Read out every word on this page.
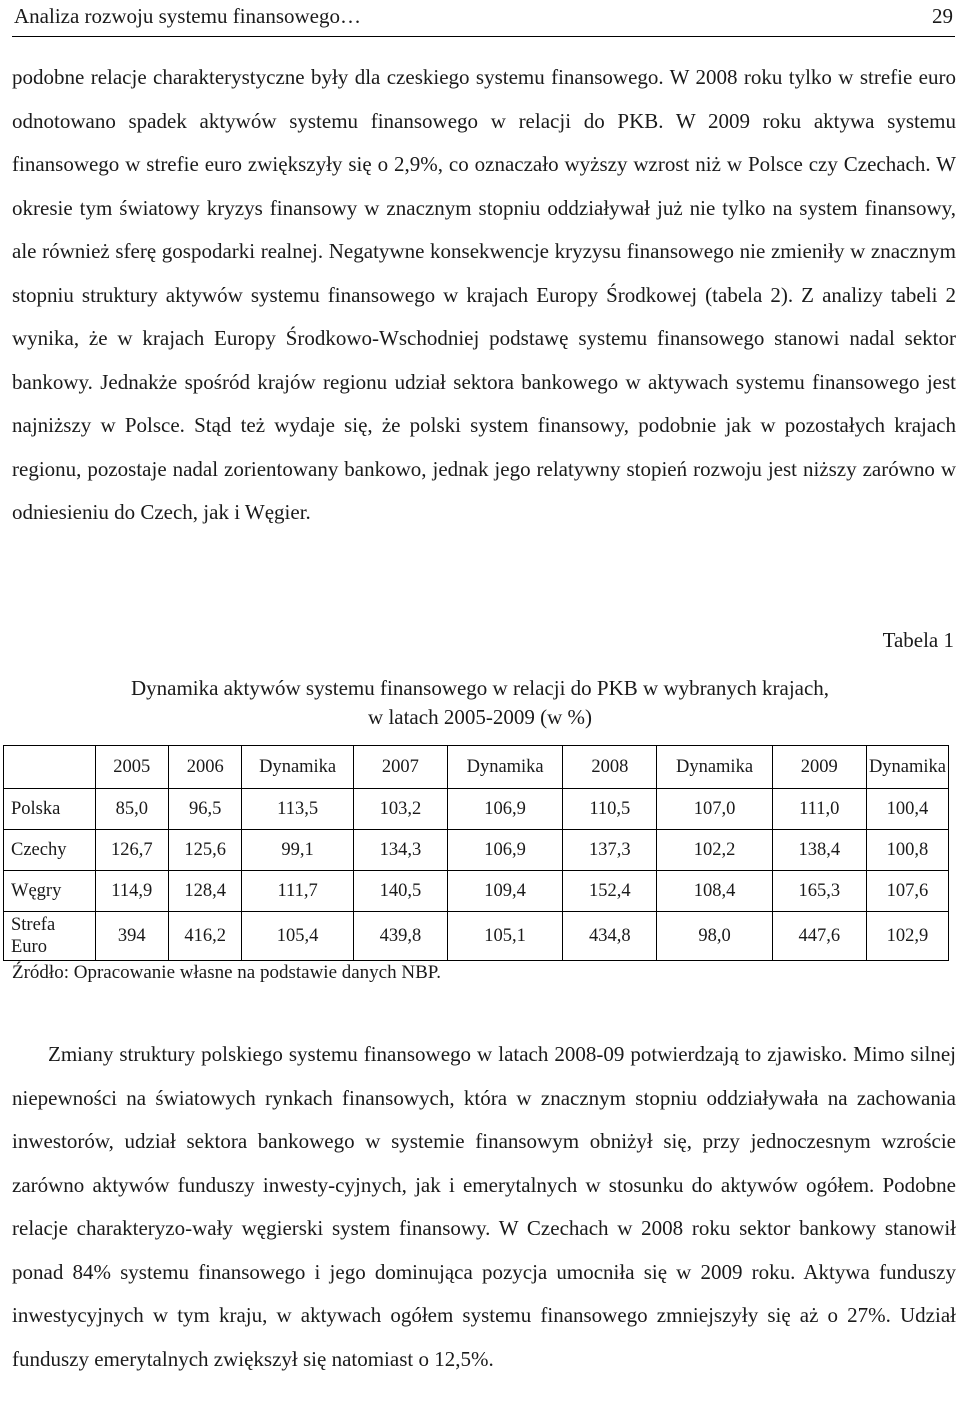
Analiza rozwoju systemu finansowego…	29

podobne relacje charakterystyczne były dla czeskiego systemu finansowego. W 2008 roku tylko w strefie euro odnotowano spadek aktywów systemu finansowego w relacji do PKB. W 2009 roku aktywa systemu finansowego w strefie euro zwiększyły się o 2,9%, co oznaczało wyższy wzrost niż w Polsce czy Czechach. W okresie tym światowy kryzys finansowy w znacznym stopniu oddziaływał już nie tylko na system finansowy, ale również sferę gospodarki realnej. Negatywne konsekwencje kryzysu finansowego nie zmieniły w znacznym stopniu struktury aktywów systemu finansowego w krajach Europy Środkowej (tabela 2). Z analizy tabeli 2 wynika, że w krajach Europy Środkowo-Wschodniej podstawę systemu finansowego stanowi nadal sektor bankowy. Jednakże spośród krajów regionu udział sektora bankowego w aktywach systemu finansowego jest najniższy w Polsce. Stąd też wydaje się, że polski system finansowy, podobnie jak w pozostałych krajach regionu, pozostaje nadal zorientowany bankowo, jednak jego relatywny stopień rozwoju jest niższy zarówno w odniesieniu do Czech, jak i Węgier.

Tabela 1
Dynamika aktywów systemu finansowego w relacji do PKB w wybranych krajach,
w latach 2005-2009 (w %)
	2005	2006	Dynamika	2007	Dynamika	2008	Dynamika	2009	Dynamika
Polska	85,0	96,5	113,5	103,2	106,9	110,5	107,0	111,0	100,4
Czechy	126,7	125,6	99,1	134,3	106,9	137,3	102,2	138,4	100,8
Węgry	114,9	128,4	111,7	140,5	109,4	152,4	108,4	165,3	107,6

Strefa
Euro	394	416,2	105,4	439,8	105,1	434,8	98,0	447,6	102,9
Źródło: Opracowanie własne na podstawie danych NBP.

Zmiany struktury polskiego systemu finansowego w latach 2008-09 potwierdzają to zjawisko. Mimo silnej niepewności na światowych rynkach finansowych, która w znacznym stopniu oddziaływała na zachowania inwestorów, udział sektora bankowego w systemie finansowym obniżył się, przy jednoczesnym wzroście zarówno aktywów funduszy inwesty-cyjnych, jak i emerytalnych w stosunku do aktywów ogółem. Podobne relacje charakteryzo-wały węgierski system finansowy. W Czechach w 2008 roku sektor bankowy stanowił ponad 84% systemu finansowego i jego dominująca pozycja umocniła się w 2009 roku. Aktywa funduszy inwestycyjnych w tym kraju, w aktywach ogółem systemu finansowego zmniejszyły się aż o 27%. Udział funduszy emerytalnych zwiększył się natomiast o 12,5%.
